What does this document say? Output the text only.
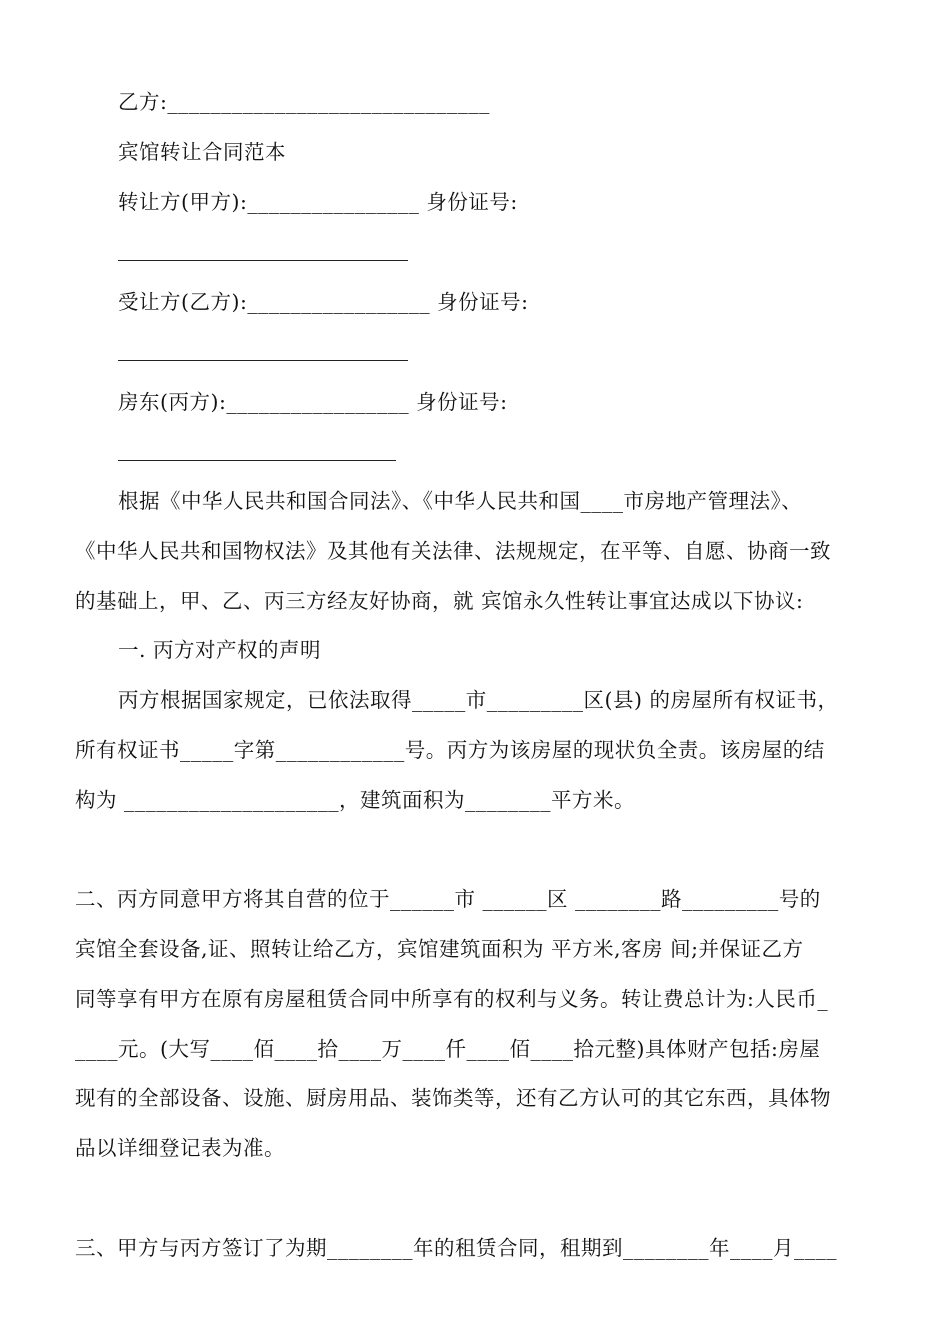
乙方:______________________________
宾馆转让合同范本
转让方(甲方):________________ 身份证号:
受让方(乙方):_________________ 身份证号:
房东(丙方):_________________ 身份证号:
根据《中华人民共和国合同法》、《中华人民共和国____市房地产管理法》、
《中华人民共和国物权法》及其他有关法律、法规规定，在平等、自愿、协商一致
的基础上，甲、乙、丙三方经友好协商，就 宾馆永久性转让事宜达成以下协议:
一. 丙方对产权的声明
丙方根据国家规定，已依法取得_____市_________区(县) 的房屋所有权证书，
所有权证书_____字第____________号。丙方为该房屋的现状负全责。该房屋的结
构为 ____________________，建筑面积为________平方米。
二、丙方同意甲方将其自营的位于______市 ______区 ________路_________号的
宾馆全套设备,证、照转让给乙方，宾馆建筑面积为 平方米,客房 间;并保证乙方
同等享有甲方在原有房屋租赁合同中所享有的权利与义务。转让费总计为:人民币_
____元。(大写____佰____拾____万____仟____佰____拾元整)具体财产包括:房屋
现有的全部设备、设施、厨房用品、装饰类等，还有乙方认可的其它东西，具体物
品以详细登记表为准。
三、甲方与丙方签订了为期________年的租赁合同，租期到________年____月____
